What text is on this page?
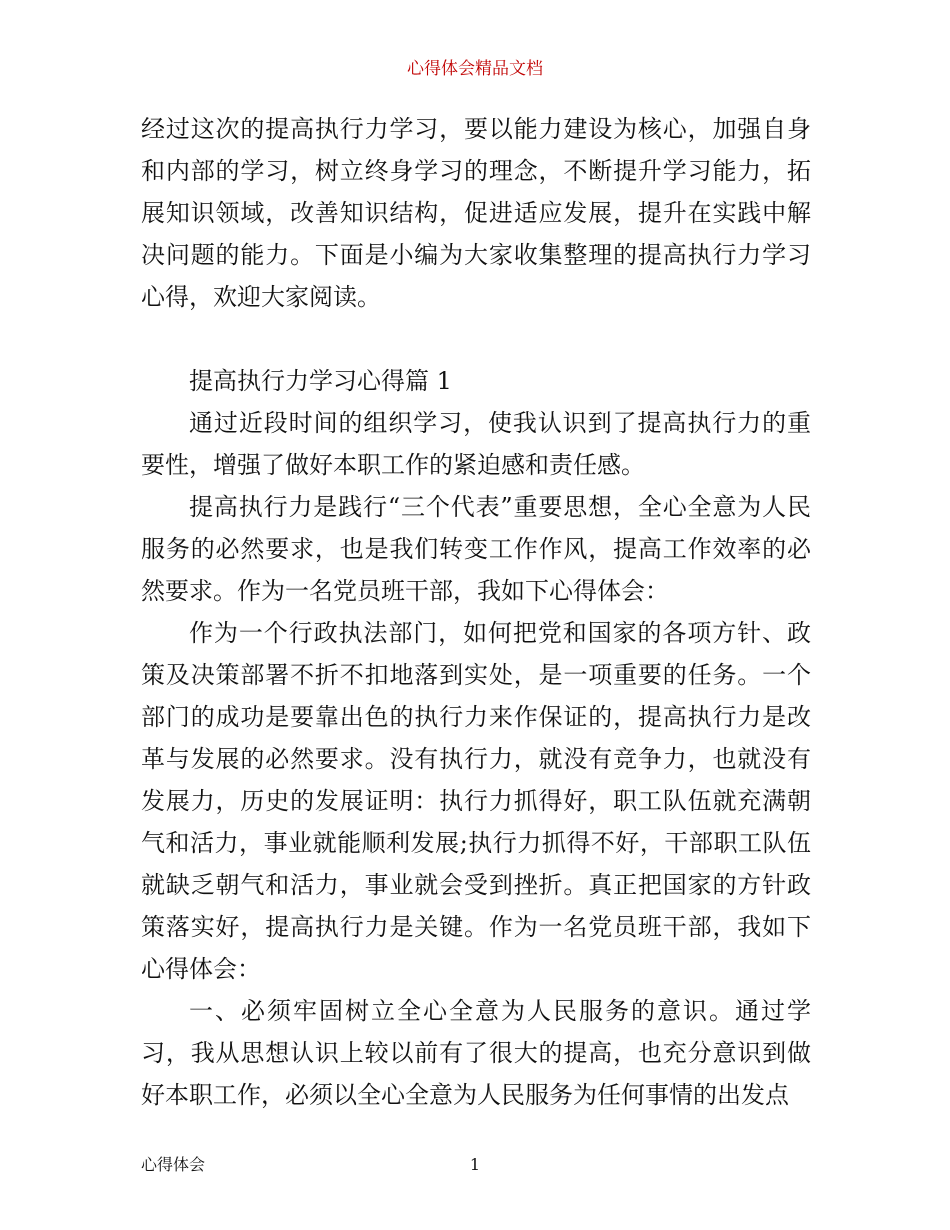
心得体会精品文档

经过这次的提高执行力学习，要以能力建设为核心，加强自身和内部的学习，树立终身学习的理念，不断提升学习能力，拓展知识领域，改善知识结构，促进适应发展，提升在实践中解决问题的能力。下面是小编为大家收集整理的提高执行力学习心得，欢迎大家阅读。

提高执行力学习心得篇 1

通过近段时间的组织学习，使我认识到了提高执行力的重要性，增强了做好本职工作的紧迫感和责任感。

提高执行力是践行“三个代表”重要思想，全心全意为人民服务的必然要求，也是我们转变工作作风，提高工作效率的必然要求。作为一名党员班干部，我如下心得体会：

作为一个行政执法部门，如何把党和国家的各项方针、政策及决策部署不折不扣地落到实处，是一项重要的任务。一个部门的成功是要靠出色的执行力来作保证的，提高执行力是改革与发展的必然要求。没有执行力，就没有竞争力，也就没有发展力，历史的发展证明：执行力抓得好，职工队伍就充满朝气和活力，事业就能顺利发展;执行力抓得不好，干部职工队伍就缺乏朝气和活力，事业就会受到挫折。真正把国家的方针政策落实好，提高执行力是关键。作为一名党员班干部，我如下心得体会：

一、必须牢固树立全心全意为人民服务的意识。通过学习，我从思想认识上较以前有了很大的提高，也充分意识到做好本职工作，必须以全心全意为人民服务为任何事情的出发点

心得体会	1
